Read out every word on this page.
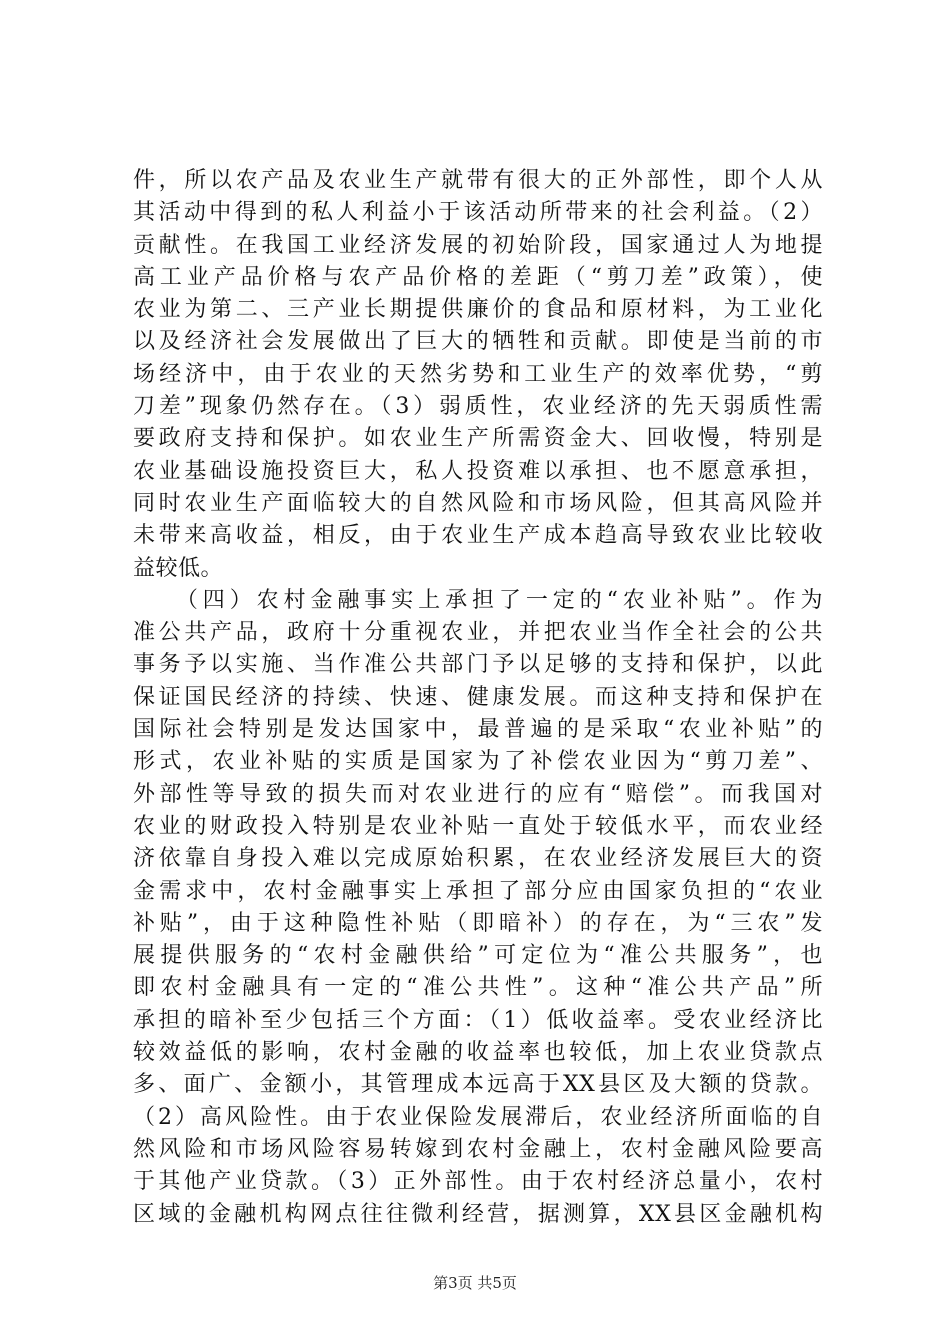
件，所以农产品及农业生产就带有很大的正外部性，即个人从
其活动中得到的私人利益小于该活动所带来的社会利益。（2）
贡献性。在我国工业经济发展的初始阶段，国家通过人为地提
高工业产品价格与农产品价格的差距（“剪刀差”政策），使
农业为第二、三产业长期提供廉价的食品和原材料，为工业化
以及经济社会发展做出了巨大的牺牲和贡献。即使是当前的市
场经济中，由于农业的天然劣势和工业生产的效率优势，“剪
刀差”现象仍然存在。（3）弱质性，农业经济的先天弱质性需
要政府支持和保护。如农业生产所需资金大、回收慢，特别是
农业基础设施投资巨大，私人投资难以承担、也不愿意承担，
同时农业生产面临较大的自然风险和市场风险，但其高风险并
未带来高收益，相反，由于农业生产成本趋高导致农业比较收
益较低。
　　（四）农村金融事实上承担了一定的“农业补贴”。作为
准公共产品，政府十分重视农业，并把农业当作全社会的公共
事务予以实施、当作准公共部门予以足够的支持和保护，以此
保证国民经济的持续、快速、健康发展。而这种支持和保护在
国际社会特别是发达国家中，最普遍的是采取“农业补贴”的
形式，农业补贴的实质是国家为了补偿农业因为“剪刀差”、
外部性等导致的损失而对农业进行的应有“赔偿”。而我国对
农业的财政投入特别是农业补贴一直处于较低水平，而农业经
济依靠自身投入难以完成原始积累，在农业经济发展巨大的资
金需求中，农村金融事实上承担了部分应由国家负担的“农业
补贴”，由于这种隐性补贴（即暗补）的存在，为“三农”发
展提供服务的“农村金融供给”可定位为“准公共服务”，也
即农村金融具有一定的“准公共性”。这种“准公共产品”所
承担的暗补至少包括三个方面：（1）低收益率。受农业经济比
较效益低的影响，农村金融的收益率也较低，加上农业贷款点
多、面广、金额小，其管理成本远高于XX县区及大额的贷款。
（2）高风险性。由于农业保险发展滞后，农业经济所面临的自
然风险和市场风险容易转嫁到农村金融上，农村金融风险要高
于其他产业贷款。（3）正外部性。由于农村经济总量小，农村
区域的金融机构网点往往微利经营，据测算，XX县区金融机构
第3页 共5页
